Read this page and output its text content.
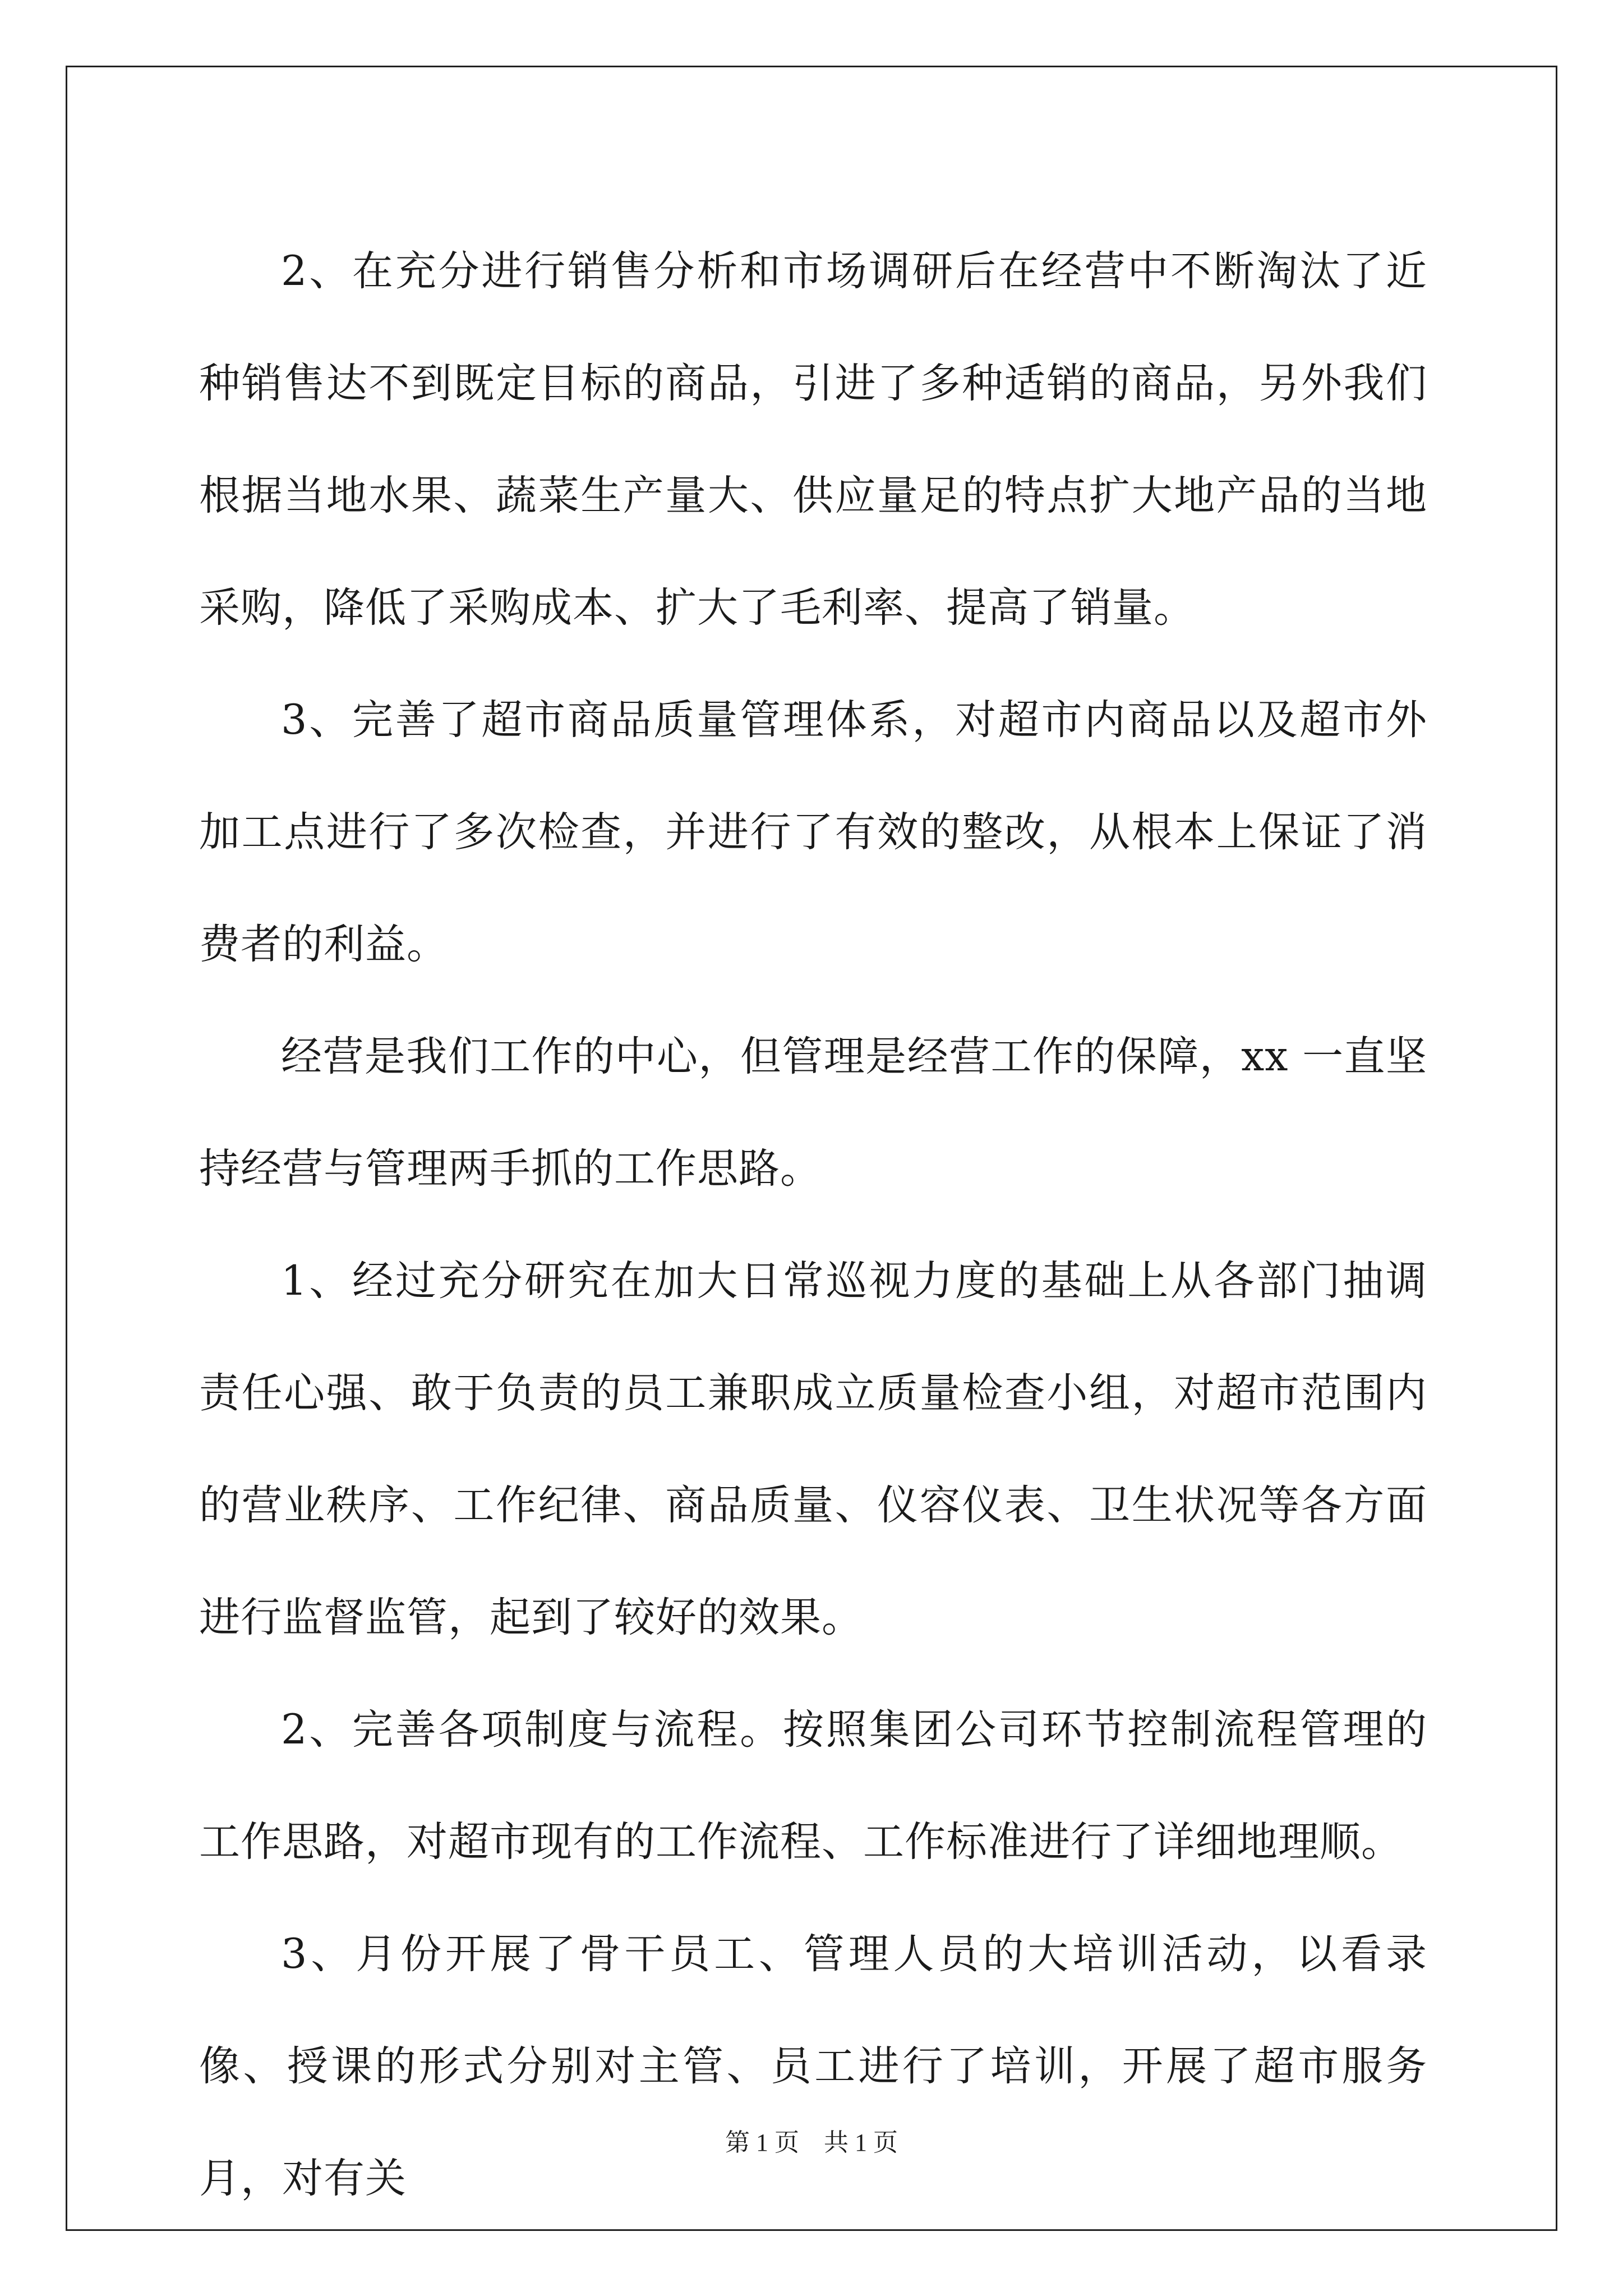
2、在充分进行销售分析和市场调研后在经营中不断淘汰了近种销售达不到既定目标的商品，引进了多种适销的商品，另外我们根据当地水果、蔬菜生产量大、供应量足的特点扩大地产品的当地采购，降低了采购成本、扩大了毛利率、提高了销量。

3、完善了超市商品质量管理体系，对超市内商品以及超市外加工点进行了多次检查，并进行了有效的整改，从根本上保证了消费者的利益。

经营是我们工作的中心，但管理是经营工作的保障，xx 一直坚持经营与管理两手抓的工作思路。

1、经过充分研究在加大日常巡视力度的基础上从各部门抽调责任心强、敢于负责的员工兼职成立质量检查小组，对超市范围内的营业秩序、工作纪律、商品质量、仪容仪表、卫生状况等各方面进行监督监管，起到了较好的效果。

2、完善各项制度与流程。按照集团公司环节控制流程管理的工作思路，对超市现有的工作流程、工作标准进行了详细地理顺。

3、月份开展了骨干员工、管理人员的大培训活动，以看录像、授课的形式分别对主管、员工进行了培训，开展了超市服务月，对有关

第 1 页　共 1 页
